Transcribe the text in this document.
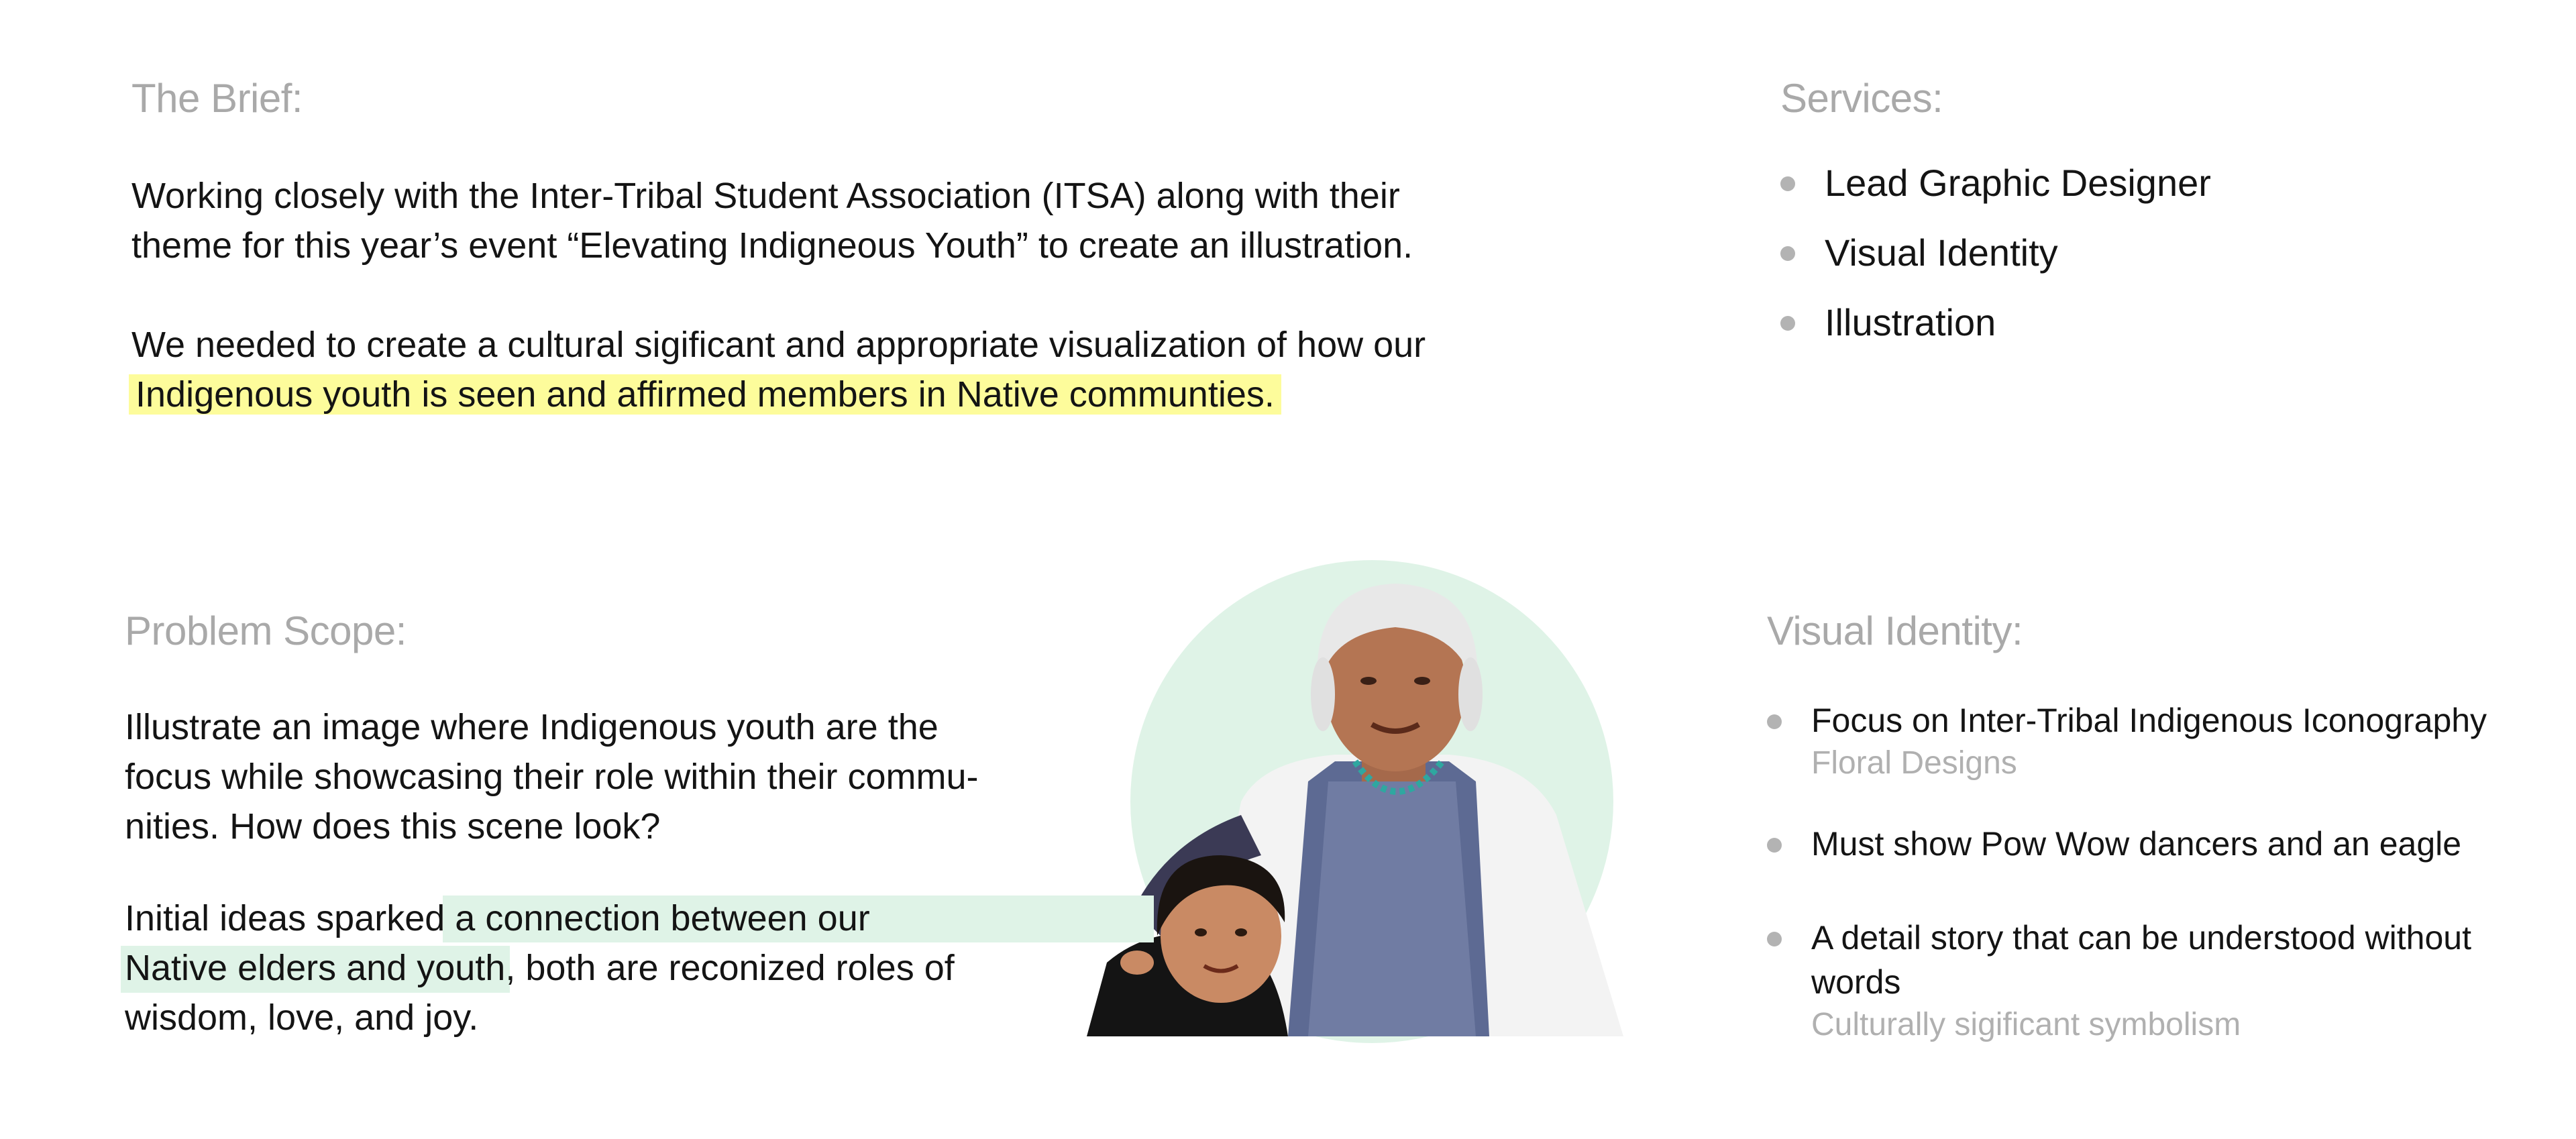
The Brief:

Working closely with the Inter-Tribal Student Association (ITSA) along with their theme for this year’s event “Elevating Indigneous Youth” to create an illustration.

We needed to create a cultural sigificant and appropriate visualization of how our Indigenous youth is seen and affirmed members in Native communties.

Services:
Lead Graphic Designer
Visual Identity
Illustration
Problem Scope:

Illustrate an image where Indigenous youth are the focus while showcasing their role within their commu-nities. How does this scene look?

Initial ideas sparked a connection between our
Native elders and youth, both are reconized roles of wisdom, love, and joy.

Visual Identity:
Focus on Inter-Tribal Indigenous Iconography
Floral Designs
Must show Pow Wow dancers and an eagle
A detail story that can be understood without words
Culturally sigificant symbolism
